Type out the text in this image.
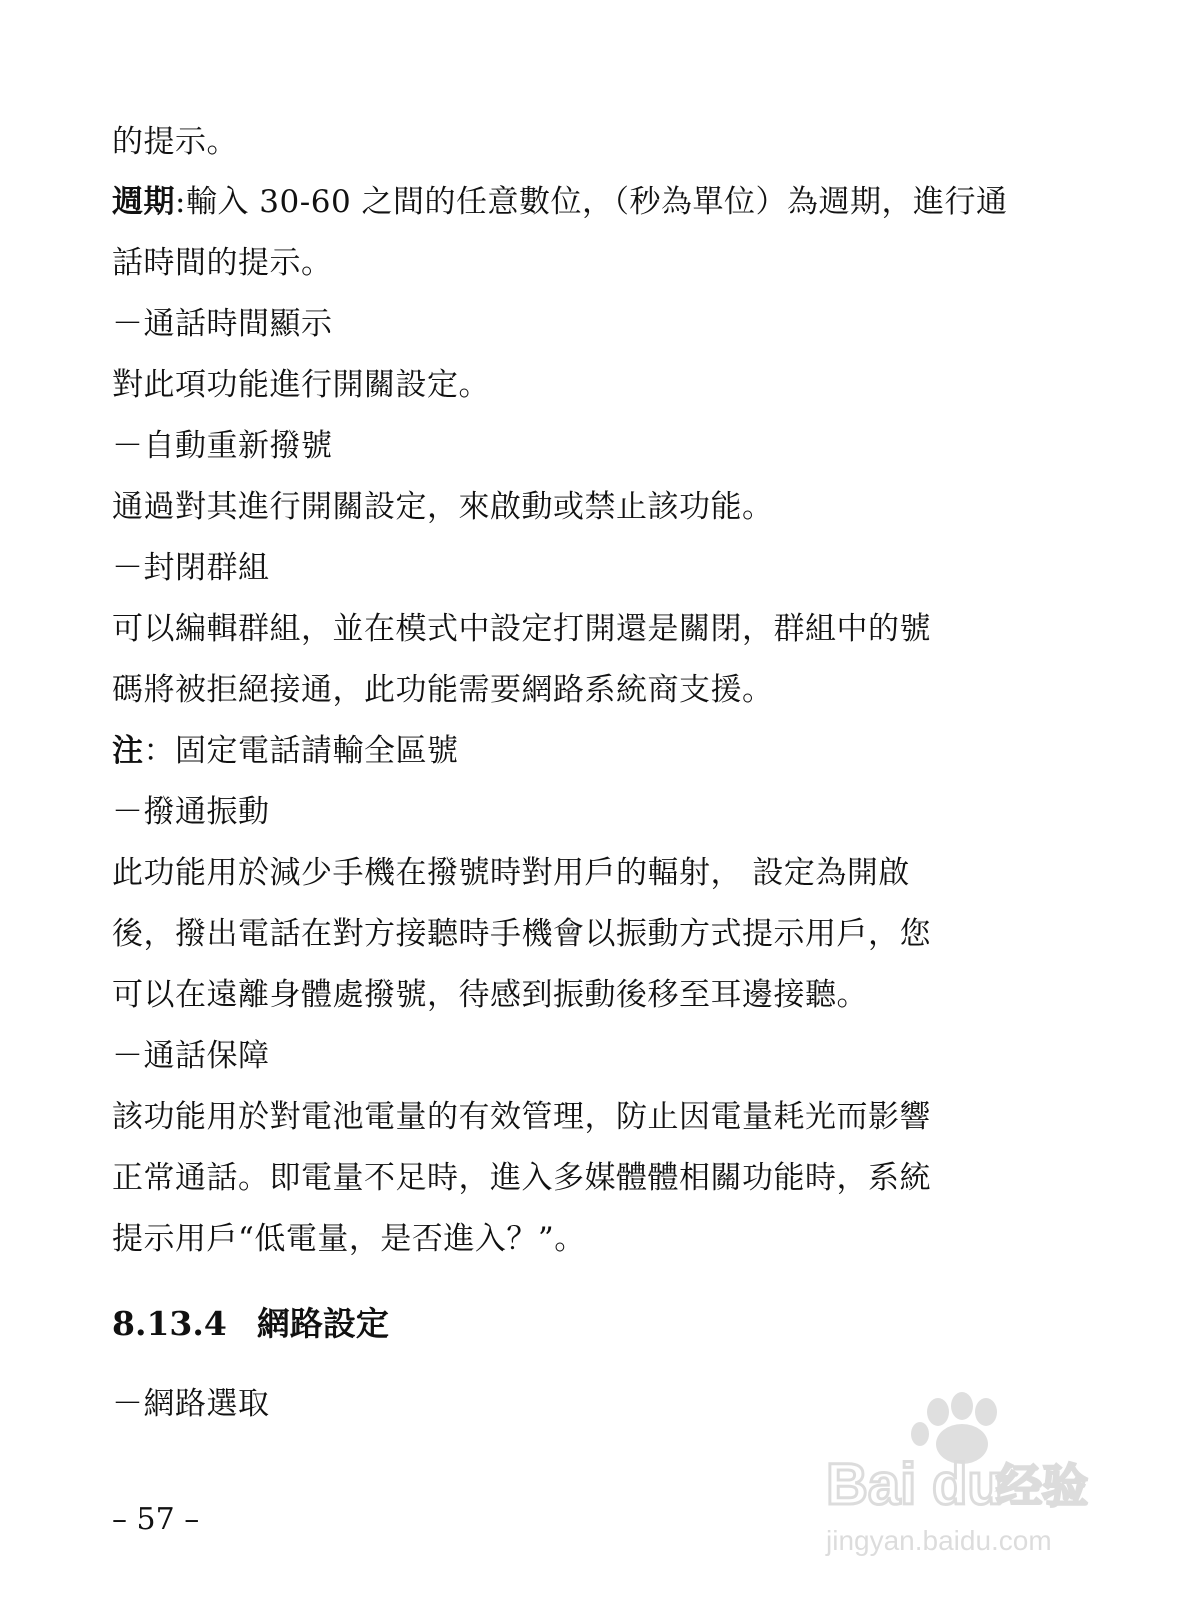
的提示。
週期:輸入 30-60 之間的任意數位，（秒為單位）為週期，進行通
話時間的提示。
－通話時間顯示
對此項功能進行開關設定。
－自動重新撥號
通過對其進行開關設定，來啟動或禁止該功能。
－封閉群組
可以編輯群組，並在模式中設定打開還是關閉，群組中的號
碼將被拒絕接通，此功能需要網路系統商支援。
注：固定電話請輸全區號
－撥通振動
此功能用於減少手機在撥號時對用戶的輻射， 設定為開啟
後，撥出電話在對方接聽時手機會以振動方式提示用戶，您
可以在遠離身體處撥號，待感到振動後移至耳邊接聽。
－通話保障
該功能用於對電池電量的有效管理，防止因電量耗光而影響
正常通話。即電量不足時，進入多媒體體相關功能時，系統
提示用戶“低電量，是否進入？”。
8.13.4 網路設定
－網路選取
– 57 –
Bai du
经验
jingyan.baidu.com
